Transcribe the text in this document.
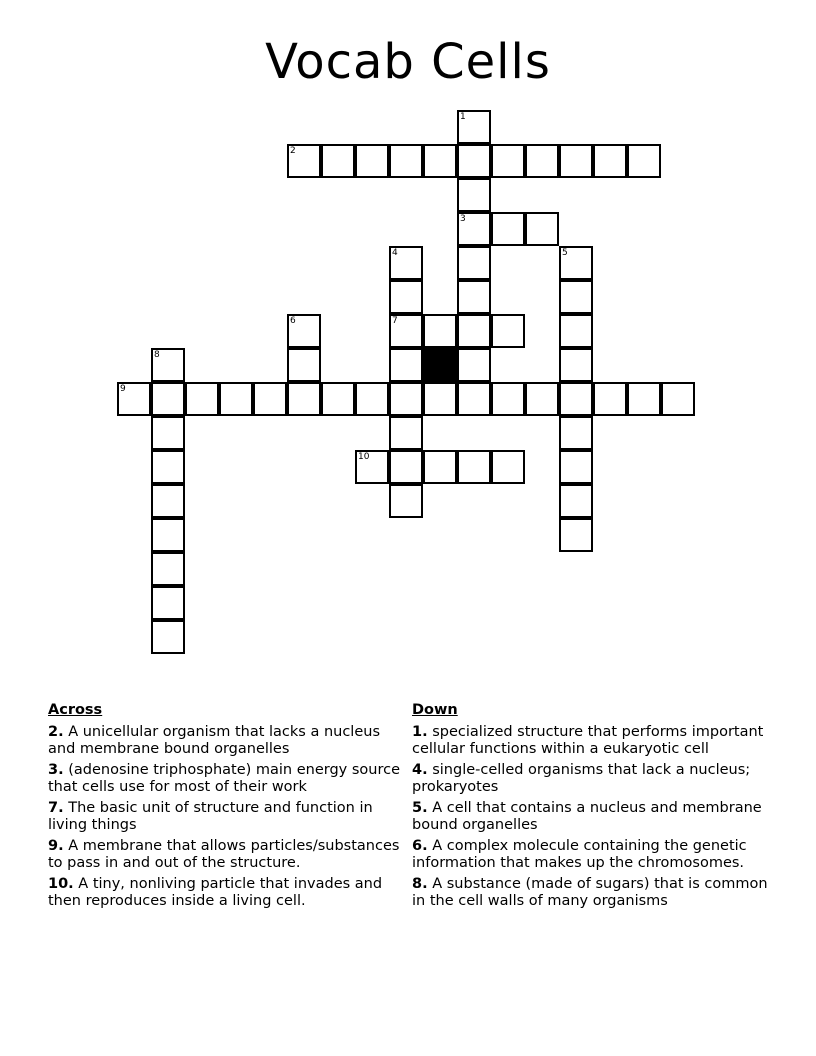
Vocab Cells
1
2
3
4	5
6	7
8
9
10
Across
2. A unicellular organism that lacks a nucleus and membrane bound organelles
3. (adenosine triphosphate) main energy source that cells use for most of their work
7. The basic unit of structure and function in living things
9. A membrane that allows particles/substances to pass in and out of the structure.
10. A tiny, nonliving particle that invades and then reproduces inside a living cell.
Down
1. specialized structure that performs important cellular functions within a eukaryotic cell
4. single-celled organisms that lack a nucleus; prokaryotes
5. A cell that contains a nucleus and membrane bound organelles
6. A complex molecule containing the genetic information that makes up the chromosomes.
8. A substance (made of sugars) that is common in the cell walls of many organisms
